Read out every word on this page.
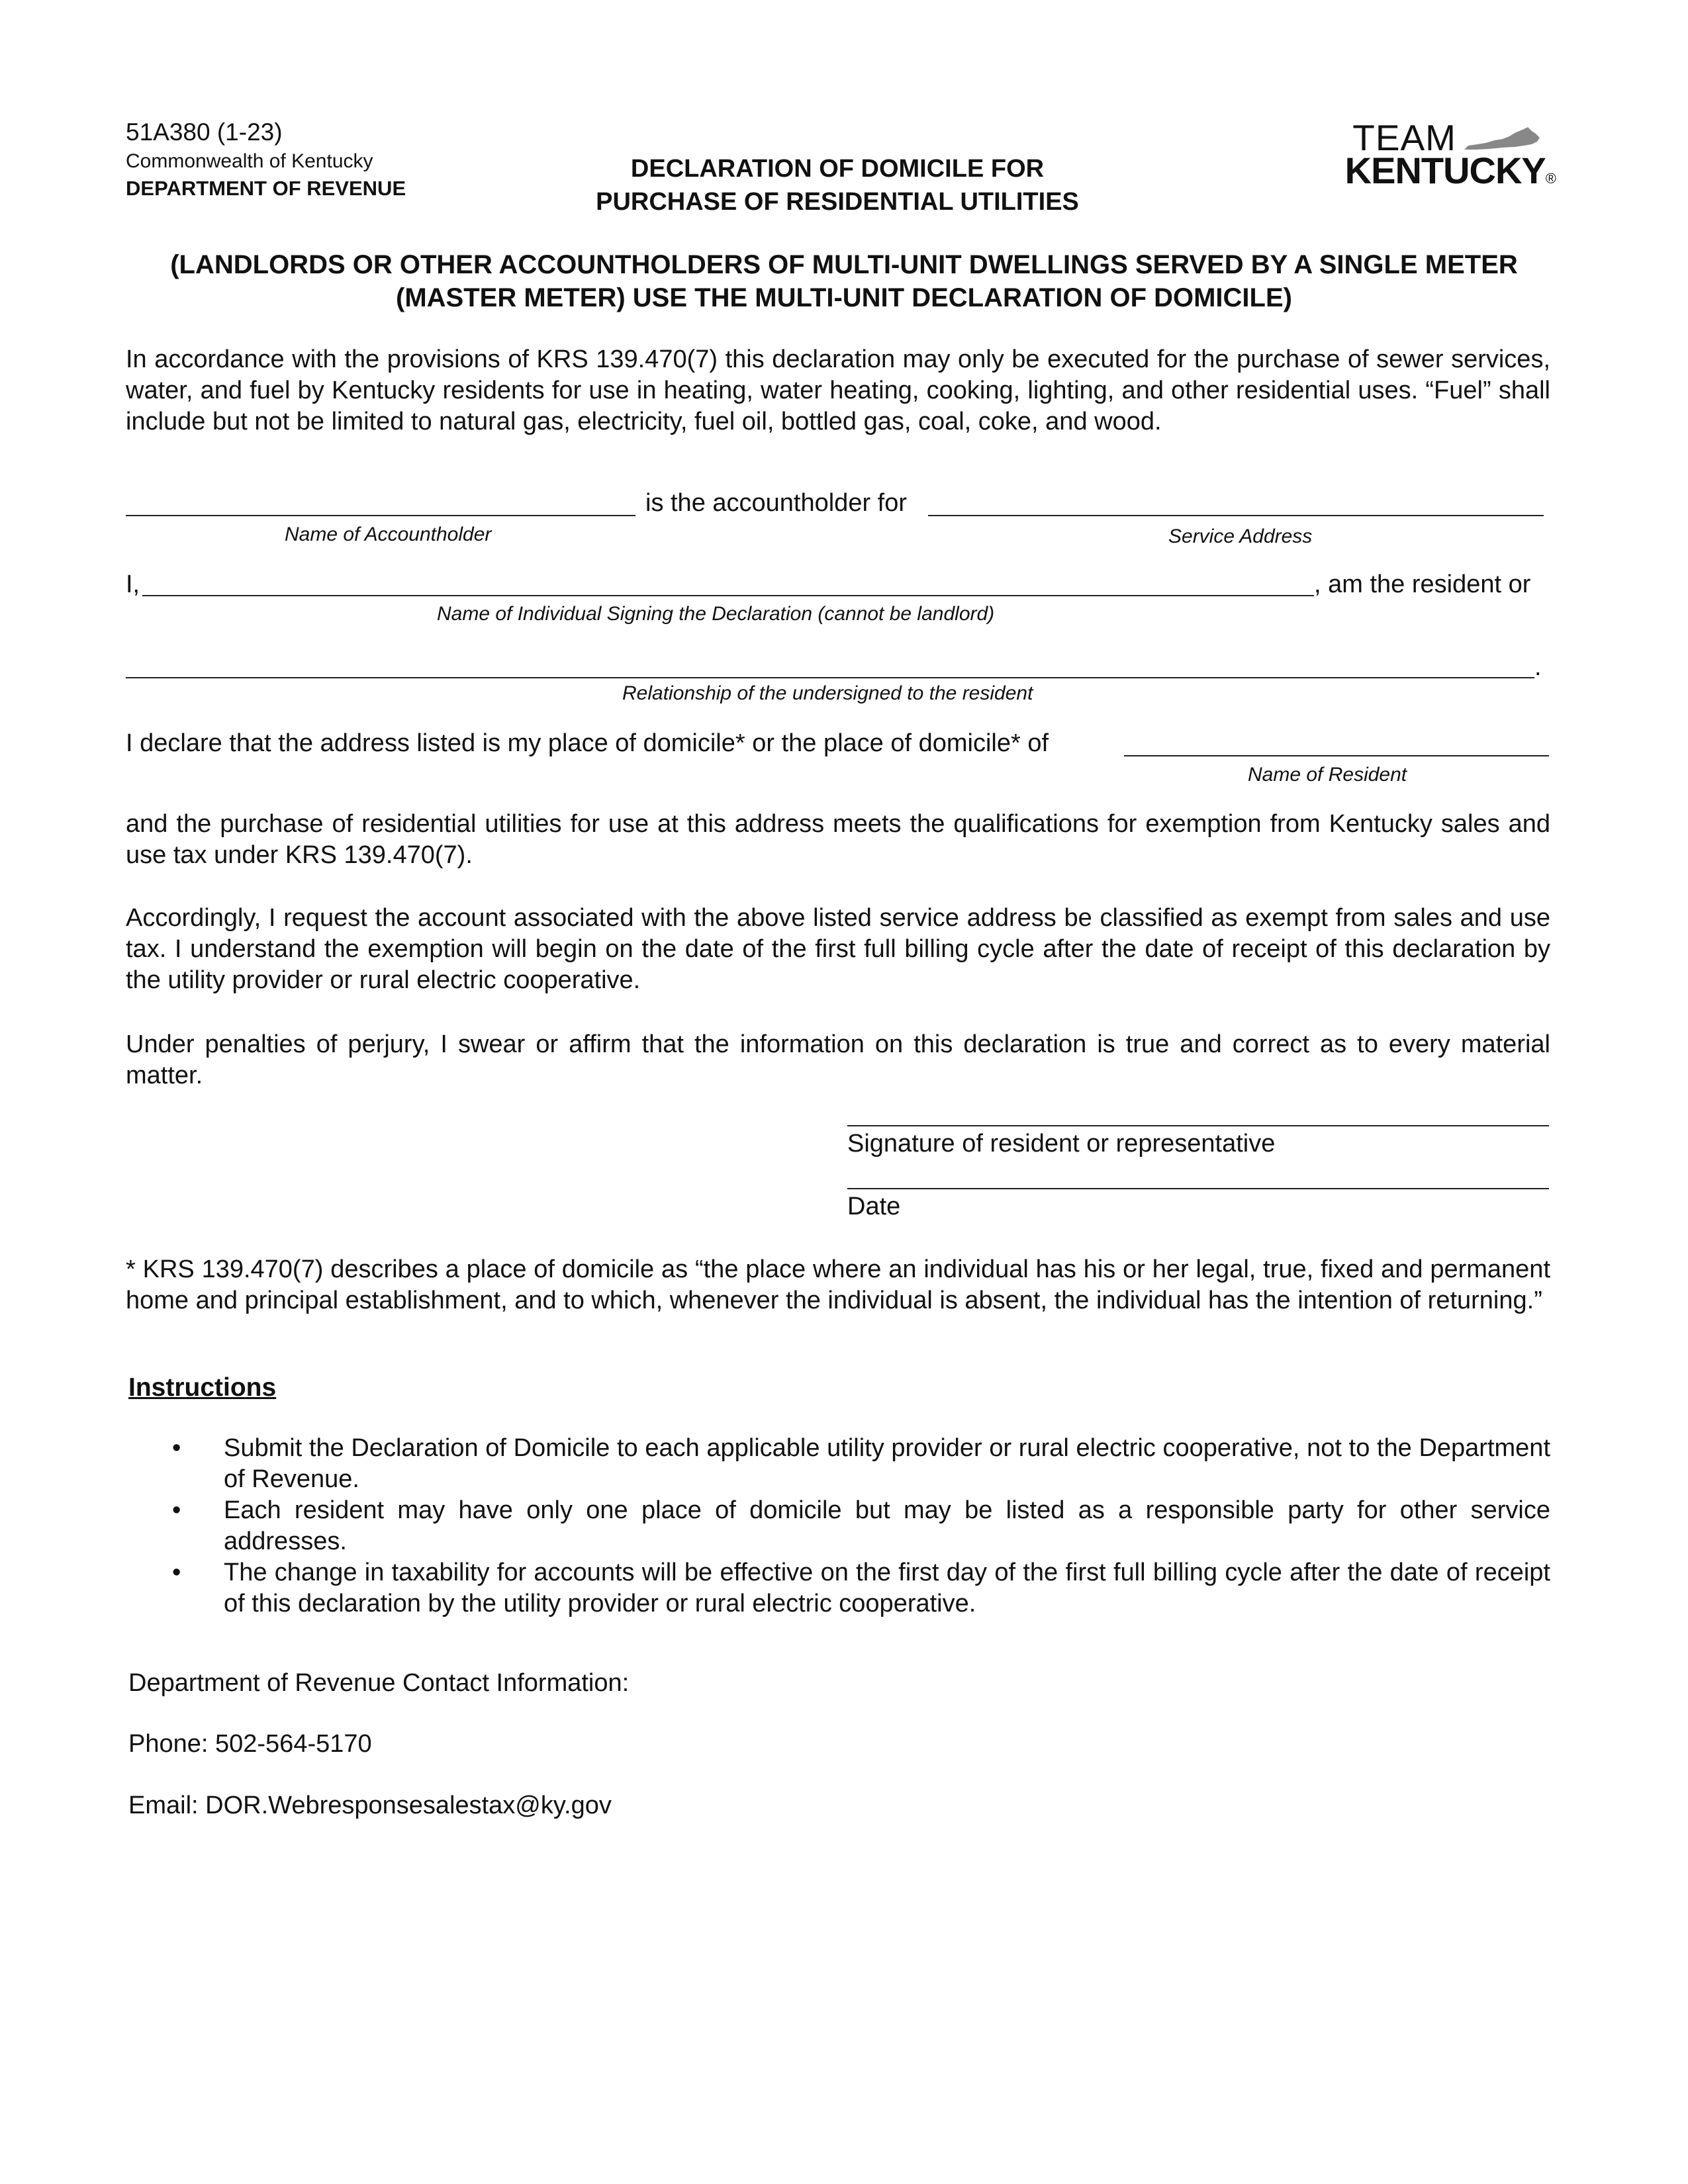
51A380 (1-23)
Commonwealth of Kentucky
DEPARTMENT OF REVENUE
DECLARATION OF DOMICILE FOR
PURCHASE OF RESIDENTIAL UTILITIES
TEAM
KENTUCKY®
(LANDLORDS OR OTHER ACCOUNTHOLDERS OF MULTI-UNIT DWELLINGS SERVED BY A SINGLE METER
(MASTER METER) USE THE MULTI-UNIT DECLARATION OF DOMICILE)
In accordance with the provisions of KRS 139.470(7) this declaration may only be executed for the purchase of sewer services, water, and fuel by Kentucky residents for use in heating, water heating, cooking, lighting, and other residential uses. “Fuel” shall include but not be limited to natural gas, electricity, fuel oil, bottled gas, coal, coke, and wood.
is the accountholder for
Name of Accountholder	Service Address
I,	, am the resident or
Name of Individual Signing the Declaration (cannot be landlord)
.
Relationship of the undersigned to the resident
I declare that the address listed is my place of domicile* or the place of domicile* of
Name of Resident
and the purchase of residential utilities for use at this address meets the qualifications for exemption from Kentucky sales and use tax under KRS 139.470(7).
Accordingly, I request the account associated with the above listed service address be classified as exempt from sales and use tax. I understand the exemption will begin on the date of the first full billing cycle after the date of receipt of this declaration by the utility provider or rural electric cooperative.
Under penalties of perjury, I swear or affirm that the information on this declaration is true and correct as to every material matter.
Signature of resident or representative
Date
* KRS 139.470(7) describes a place of domicile as “the place where an individual has his or her legal, true, fixed and permanent home and principal establishment, and to which, whenever the individual is absent, the individual has the intention of returning.”
Instructions
• Submit the Declaration of Domicile to each applicable utility provider or rural electric cooperative, not to the Department of Revenue.
• Each resident may have only one place of domicile but may be listed as a responsible party for other service addresses.
• The change in taxability for accounts will be effective on the first day of the first full billing cycle after the date of receipt of this declaration by the utility provider or rural electric cooperative.
Department of Revenue Contact Information:
Phone: 502-564-5170
Email: DOR.Webresponsesalestax@ky.gov
